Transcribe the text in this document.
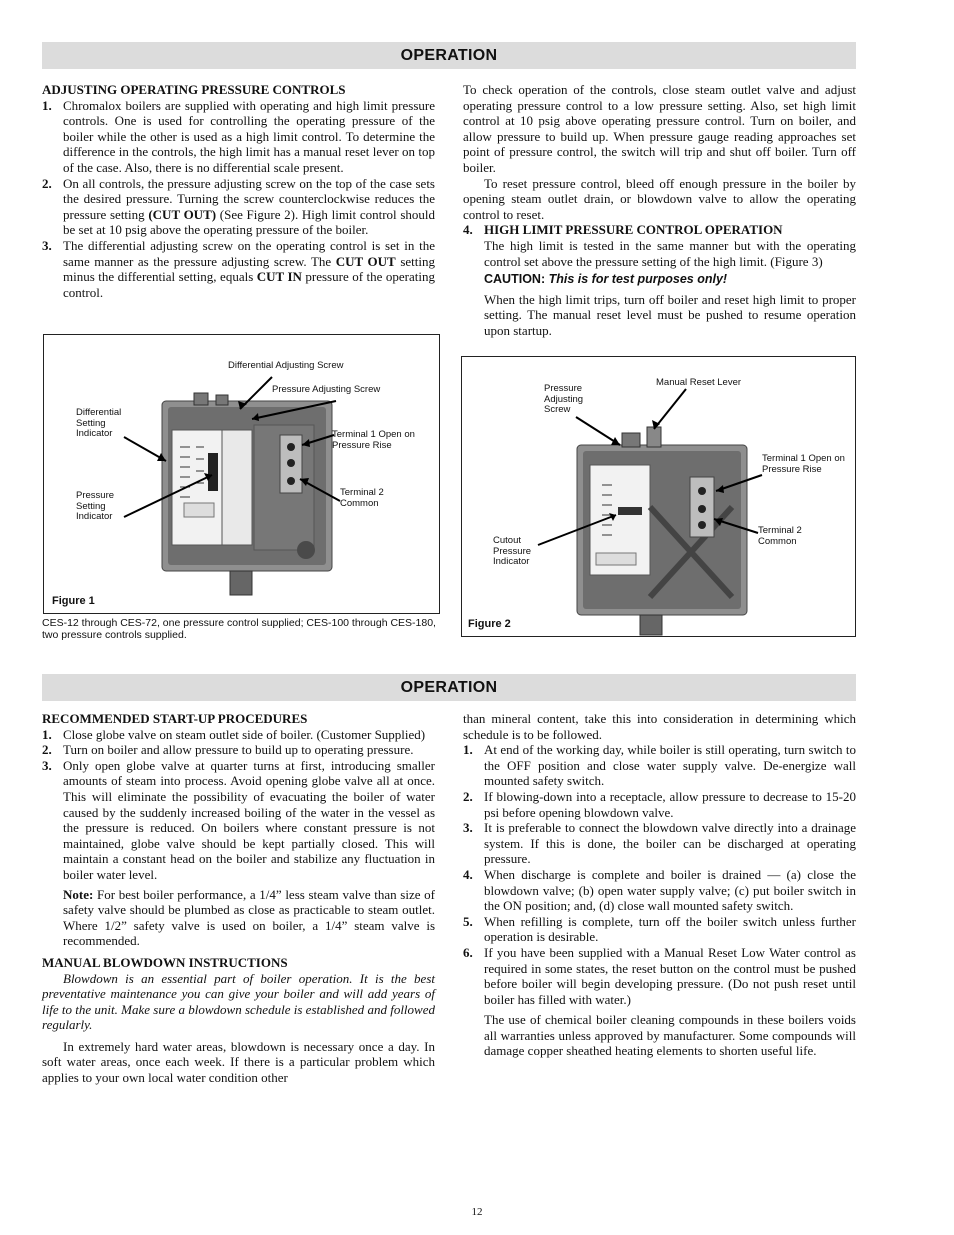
OPERATION

ADJUSTING OPERATING PRESSURE CONTROLS

1. Chromalox boilers are supplied with operating and high limit pressure controls. One is used for controlling the operating pressure of the boiler while the other is used as a high limit control. To determine the difference in the controls, the high limit has a manual reset lever on top of the case. Also, there is no differential scale present.
2. On all controls, the pressure adjusting screw on the top of the case sets the desired pressure. Turning the screw counterclockwise reduces the pressure setting (CUT OUT) (See Figure 2). High limit control should be set at 10 psig above the operating pressure of the boiler.
3. The differential adjusting screw on the operating control is set in the same manner as the pressure adjusting screw. The CUT OUT setting minus the differential setting, equals CUT IN pressure of the operating control.

To check operation of the controls, close steam outlet valve and adjust operating pressure control to a low pressure setting. Also, set high limit control at 10 psig above operating pressure control. Turn on boiler, and allow pressure to build up. When pressure gauge reading approaches set point of pressure control, the switch will trip and shut off boiler. Turn off boiler.

To reset pressure control, bleed off enough pressure in the boiler by opening steam outlet drain, or blowdown valve to allow the operating control to reset.

4. HIGH LIMIT PRESSURE CONTROL OPERATION

The high limit is tested in the same manner but with the operating control set above the pressure setting of the high limit. (Figure 3)

CAUTION: This is for test purposes only!

When the high limit trips, turn off boiler and reset high limit to proper setting. The manual reset level must be pushed to resume operation upon startup.

Differential Adjusting Screw
Pressure Adjusting Screw
Differential
Setting
Indicator	Terminal 1 Open on
Pressure Rise
Pressure
Setting
Indicator
Terminal 2
Common
Figure 1
CES-12 through CES-72, one pressure control supplied; CES-100 through CES-180, two pressure controls supplied.
Pressure
Adjusting
Screw
Manual Reset Lever
Terminal 1 Open on
Pressure Rise
Cutout
Pressure
Indicator
Terminal 2
Common
Figure 2
OPERATION

RECOMMENDED START-UP PROCEDURES

1. Close globe valve on steam outlet side of boiler. (Customer Supplied)
2. Turn on boiler and allow pressure to build up to operating pressure.
3. Only open globe valve at quarter turns at first, introducing smaller amounts of steam into process. Avoid opening globe valve all at once. This will eliminate the possibility of evacuating the boiler of water caused by the suddenly increased boiling of the water in the vessel as the pressure is reduced. On boilers where constant pressure is not maintained, globe valve should be kept partially closed. This will maintain a constant head on the boiler and stabilize any fluctuation in boiler water level.

Note: For best boiler performance, a 1/4” less steam valve than size of safety valve should be plumbed as close as practicable to steam outlet. Where 1/2” safety valve is used on boiler, a 1/4” steam valve is recommended.

MANUAL BLOWDOWN INSTRUCTIONS

Blowdown is an essential part of boiler operation. It is the best preventative maintenance you can give your boiler and will add years of life to the unit. Make sure a blowdown schedule is established and followed regularly.

In extremely hard water areas, blowdown is necessary once a day. In soft water areas, once each week. If there is a particular problem which applies to your own local water condition other

than mineral content, take this into consideration in determining which schedule is to be followed.

1. At end of the working day, while boiler is still operating, turn switch to the OFF position and close water supply valve. De-energize wall mounted safety switch.
2. If blowing-down into a receptacle, allow pressure to decrease to 15-20 psi before opening blowdown valve.
3. It is preferable to connect the blowdown valve directly into a drainage system. If this is done, the boiler can be discharged at operating pressure.
4. When discharge is complete and boiler is drained — (a) close the blowdown valve; (b) open water supply valve; (c) put boiler switch in the ON position; and, (d) close wall mounted safety switch.
5. When refilling is complete, turn off the boiler switch unless further operation is desirable.
6. If you have been supplied with a Manual Reset Low Water control as required in some states, the reset button on the control must be pushed before boiler will begin developing pressure. (Do not push reset until boiler has filled with water.)

The use of chemical boiler cleaning compounds in these boilers voids all warranties unless approved by manufacturer. Some compounds will damage copper sheathed heating elements to shorten useful life.

12
